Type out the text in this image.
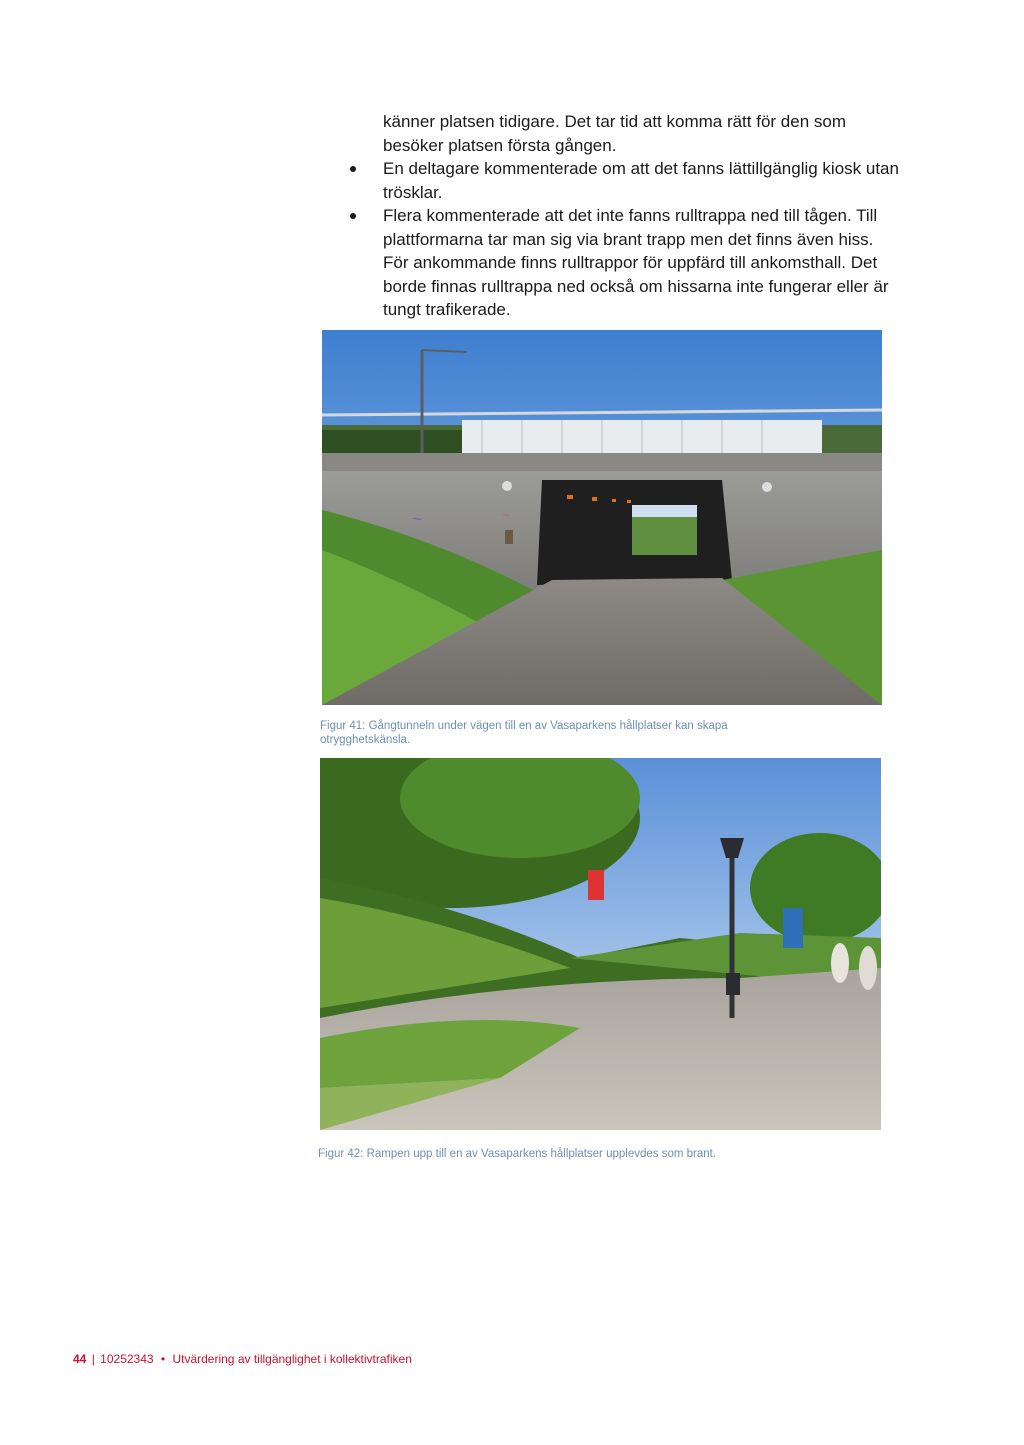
känner platsen tidigare. Det tar tid att komma rätt för den som besöker platsen första gången.

En deltagare kommenterade om att det fanns lättillgänglig kiosk utan trösklar.
Flera kommenterade att det inte fanns rulltrappa ned till tågen. Till plattformarna tar man sig via brant trapp men det finns även hiss. För ankommande finns rulltrappor för uppfärd till ankomsthall. Det borde finnas rulltrappa ned också om hissarna inte fungerar eller är tungt trafikerade.
~	~
Figur 41: Gångtunneln under vägen till en av Vasaparkens hållplatser kan skapa otrygghetskänsla.
Figur 42: Rampen upp till en av Vasaparkens hållplatser upplevdes som brant.
44 | 10252343 • Utvärdering av tillgänglighet i kollektivtrafiken
